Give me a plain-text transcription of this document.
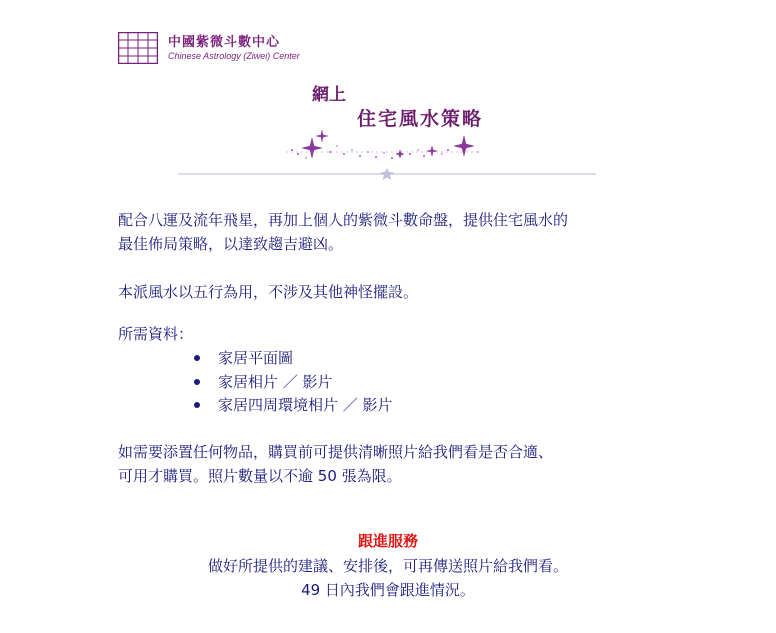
中國紫微斗數中心
Chinese Astrology (Ziwei) Center
網上
住宅風水策略
配合八運及流年飛星，再加上個人的紫微斗數命盤，提供住宅風水的
最佳佈局策略，以達致趨吉避凶。
本派風水以五行為用，不涉及其他神怪擺設。
所需資料：
家居平面圖
家居相片 ／ 影片
家居四周環境相片 ／ 影片
如需要添置任何物品，購買前可提供清晰照片給我們看是否合適、
可用才購買。照片數量以不逾 50 張為限。
跟進服務
做好所提供的建議、安排後，可再傳送照片給我們看。
49 日內我們會跟進情況。
